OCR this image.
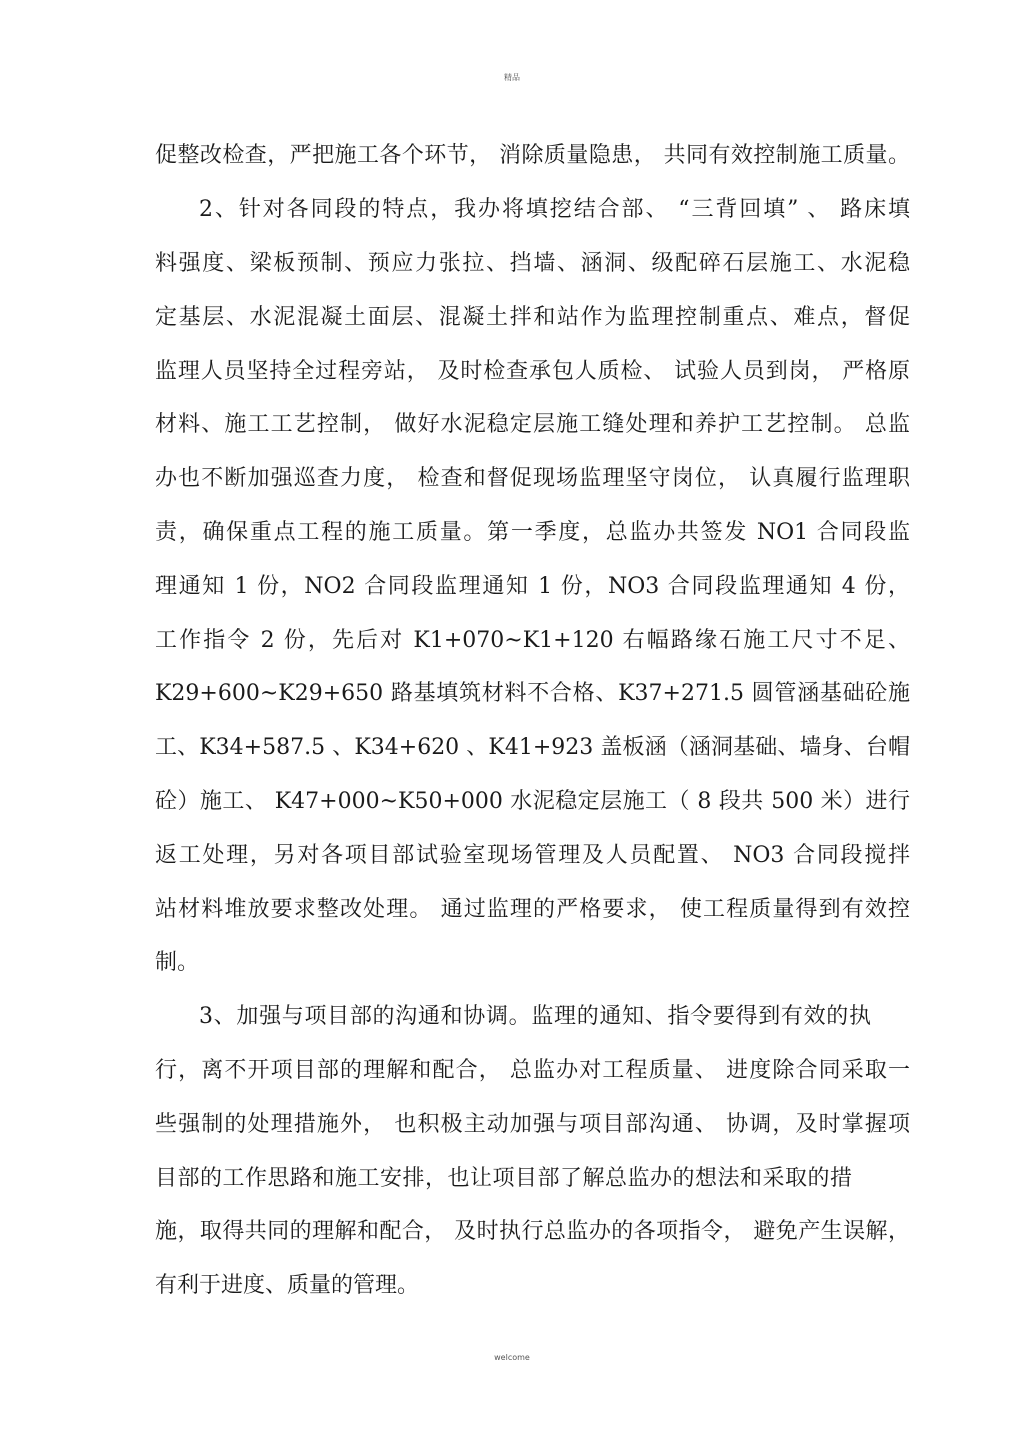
精品
促整改检查，严把施工各个环节， 消除质量隐患， 共同有效控制施工质量。
2、针对各同段的特点，我办将填挖结合部、 “三背回填” 、 路床填
料强度、梁板预制、预应力张拉、挡墙、涵洞、级配碎石层施工、水泥稳
定基层、水泥混凝土面层、混凝土拌和站作为监理控制重点、难点，督促
监理人员坚持全过程旁站， 及时检查承包人质检、 试验人员到岗， 严格原
材料、施工工艺控制， 做好水泥稳定层施工缝处理和养护工艺控制。 总监
办也不断加强巡查力度， 检查和督促现场监理坚守岗位， 认真履行监理职
责，确保重点工程的施工质量。第一季度，总监办共签发 NO1 合同段监
理通知 1 份，NO2 合同段监理通知 1 份，NO3 合同段监理通知 4 份，
工作指令 2 份，先后对 K1+070~K1+120 右幅路缘石施工尺寸不足、
K29+600~K29+650 路基填筑材料不合格、K37+271.5 圆管涵基础砼施
工、K34+587.5 、K34+620 、K41+923 盖板涵（涵洞基础、墙身、台帽
砼）施工、 K47+000~K50+000 水泥稳定层施工（ 8 段共 500 米）进行
返工处理，另对各项目部试验室现场管理及人员配置、 NO3 合同段搅拌
站材料堆放要求整改处理。 通过监理的严格要求， 使工程质量得到有效控
制。
3、加强与项目部的沟通和协调。监理的通知、指令要得到有效的执
行，离不开项目部的理解和配合， 总监办对工程质量、 进度除合同采取一
些强制的处理措施外， 也积极主动加强与项目部沟通、 协调，及时掌握项
目部的工作思路和施工安排，也让项目部了解总监办的想法和采取的措
施，取得共同的理解和配合， 及时执行总监办的各项指令， 避免产生误解，
有利于进度、质量的管理。
welcome
